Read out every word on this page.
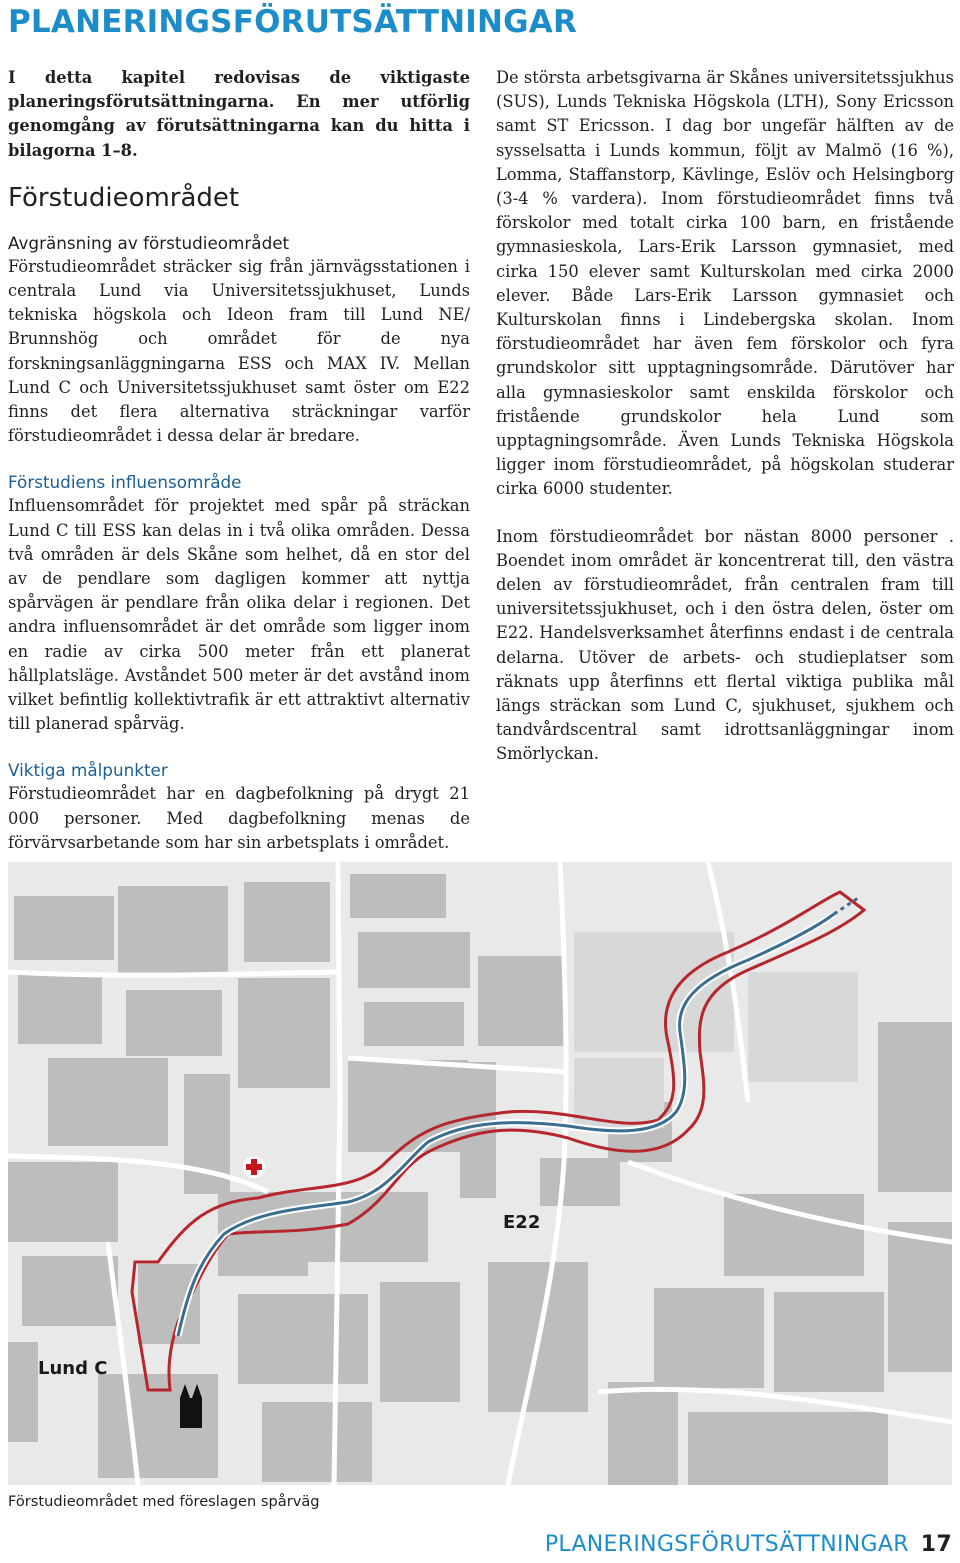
PLANERINGSFÖRUTSÄTTNINGAR

I detta kapitel redovisas de viktigaste planeringsförutsättningarna. En mer utförlig genomgång av förutsättningarna kan du hitta i bilagorna 1–8.

Förstudieområdet
Avgränsning av förstudieområdet

Förstudieområdet sträcker sig från järnvägsstationen i centrala Lund via Universitetssjukhuset, Lunds tekniska högskola och Ideon fram till Lund NE/ Brunnshög och området för de nya forskningsanläggningarna ESS och MAX IV. Mellan Lund C och Universitetssjukhuset samt öster om E22 finns det flera alternativa sträckningar varför förstudieområdet i dessa delar är bredare.

Förstudiens influensområde

Influensområdet för projektet med spår på sträckan Lund C till ESS kan delas in i två olika områden. Dessa två områden är dels Skåne som helhet, då en stor del av de pendlare som dagligen kommer att nyttja spårvägen är pendlare från olika delar i regionen. Det andra influensområdet är det område som ligger inom en radie av cirka 500 meter från ett planerat hållplatsläge. Avståndet 500 meter är det avstånd inom vilket befintlig kollektivtrafik är ett attraktivt alternativ till planerad spårväg.

Viktiga målpunkter

Förstudieområdet har en dagbefolkning på drygt 21 000 personer. Med dagbefolkning menas de förvärvsarbetande som har sin arbetsplats i området.

De största arbetsgivarna är Skånes universitetssjukhus (SUS), Lunds Tekniska Högskola (LTH), Sony Ericsson samt ST Ericsson. I dag bor ungefär hälften av de sysselsatta i Lunds kommun, följt av Malmö (16 %), Lomma, Staffanstorp, Kävlinge, Eslöv och Helsingborg (3-4 % vardera). Inom förstudieområdet finns två förskolor med totalt cirka 100 barn, en fristående gymnasieskola, Lars-Erik Larsson gymnasiet, med cirka 150 elever samt Kulturskolan med cirka 2000 elever. Både Lars-Erik Larsson gymnasiet och Kulturskolan finns i Lindebergska skolan. Inom förstudieområdet har även fem förskolor och fyra grundskolor sitt upptagningsområde. Därutöver har alla gymnasieskolor samt enskilda förskolor och fristående grundskolor hela Lund som upptagningsområde. Även Lunds Tekniska Högskola ligger inom förstudieområdet, på högskolan studerar cirka 6000 studenter.

Inom förstudieområdet bor nästan 8000 personer . Boendet inom området är koncentrerat till, den västra delen av förstudieområdet, från centralen fram till universitetssjukhuset, och i den östra delen, öster om E22. Handelsverksamhet återfinns endast i de centrala delarna. Utöver de arbets- och studieplatser som räknats upp återfinns ett flertal viktiga publika mål längs sträckan som Lund C, sjukhuset, sjukhem och tandvårdscentral samt idrottsanläggningar inom Smörlyckan.

Lund C
E22

Förstudieområdet med föreslagen spårväg

PLANERINGSFÖRUTSÄTTNINGAR 17
